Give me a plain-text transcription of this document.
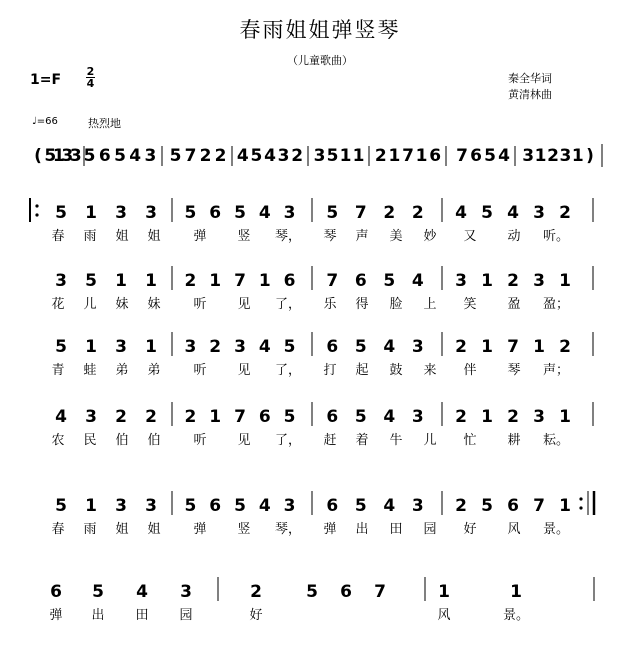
春雨姐姐弹竖琴
（儿童歌曲）
1=F
2
4	秦全华词
黄清林曲
♩=66	热烈地
( 5
1
3
3 5 6 5 4 3 5 7 2 2 4 5 4 3 2 3 5 1 1 2 1 7 1 6 7 6 5 4 3 1 2 3 1 )
5 1 3 3 5 6 5 4 3 5 7 2 2 4 5 4 3 2
春 雨 姐 姐	弹 竖 琴， 琴 声 美 妙 又 动 听。
3 5 1 1 2 1 7 1 6 7 6 5 4 3 1 2 3 1
花 儿 妹 妹	听 见 了， 乐 得 脸 上 笑 盈 盈；
5 1 3 1 3 2 3 4 5 6 5 4 3 2 1 7 1 2
青 蛙 弟 弟	听 见 了， 打 起 鼓 来 伴 琴 声；
4 3 2 2 2 1 7 6 5 6 5 4 3 2 1 2 3 1
农 民 伯 伯	听 见 了， 赶 着 牛 儿 忙 耕 耘。
5 1 3 3 5 6 5 4 3 6 5 4 3 2 5 6 7 1
春 雨 姐 姐	弹 竖 琴， 弹 出 田 园 好 风 景。
6 5 4 3	2	5 6 7	1	1
弹 出 田 园	好	风	景。
